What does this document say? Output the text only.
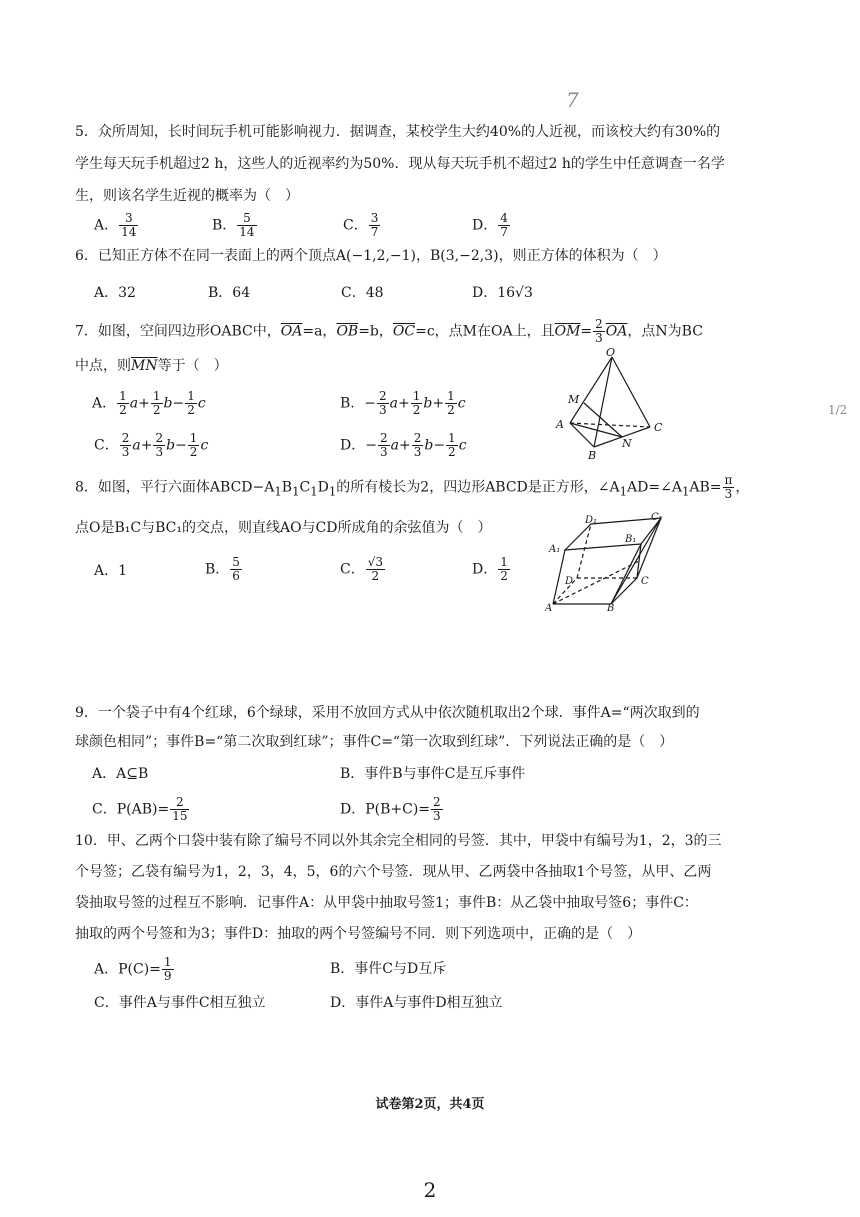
7
1/2
5．众所周知，长时间玩手机可能影响视力．据调查，某校学生大约40%的人近视，而该校大约有30%的
学生每天玩手机超过2 h，这些人的近视率约为50%．现从每天玩手机不超过2 h的学生中任意调查一名学
生，则该名学生近视的概率为（　）
A． $\frac{3}{14}$	B． $\frac{5}{14}$	C． $\frac{3}{7}$	D． $\frac{4}{7}$
6．已知正方体不在同一表面上的两个顶点A(−1,2,−1)，B(3,−2,3)，则正方体的体积为（　）
A．32	B．64	C．48	D．16√3
7．如图，空间四边形OABC中，$\overline{OA}=a$，$\overline{OB}=b$，$\overline{OC}=c$，点M在OA上，且$\overline{OM}= \frac{2}{3} \overline{OA}$，点N为BC
中点，则$\overline{MN}$等于（　）
A． $\frac{1}{2} a+ \frac{1}{2} b- \frac{1}{2}$ c	B．− $\frac{2}{3} a+ \frac{1}{2} b+ \frac{1}{2}$ c
C． $\frac{2}{3} a+ \frac{2}{3} b- \frac{1}{2}$ c	D．− $\frac{2}{3} a+ \frac{2}{3} b- \frac{1}{2}$ c
O
M
A
B
N
C
8．如图，平行六面体$ABCD-A_1B_1C_1D_1$的所有棱长为2，四边形ABCD是正方形，$\angle A_1AD=\angle A_1AB= \frac{\pi}{3}$ ，
点O是B₁C与BC₁的交点，则直线AO与CD所成角的余弦值为（　）
A．1	B． $\frac{5}{6}$	C． $\frac{√3}{2}$	D． $\frac{1}{2}$
D₁	C₁
A₁
B₁
D	C
A	B
9．一个袋子中有4个红球，6个绿球，采用不放回方式从中依次随机取出2个球．事件A=“两次取到的
球颜色相同”；事件B=“第二次取到红球”；事件C=“第一次取到红球”．下列说法正确的是（　）
A．A⊆B	B．事件B与事件C是互斥事件
C．$P(AB)= \frac{2}{15}$	D．$P(B+C)= \frac{2}{3}$
10．甲、乙两个口袋中装有除了编号不同以外其余完全相同的号签．其中，甲袋中有编号为1，2，3的三
个号签；乙袋有编号为1，2，3，4，5，6的六个号签．现从甲、乙两袋中各抽取1个号签，从甲、乙两
袋抽取号签的过程互不影响．记事件A：从甲袋中抽取号签1；事件B：从乙袋中抽取号签6；事件C：
抽取的两个号签和为3；事件D：抽取的两个号签编号不同．则下列选项中，正确的是（　）
A．$P(C)= \frac{1}{9}$	B．事件C与D互斥
C．事件A与事件C相互独立	D．事件A与事件D相互独立
试卷第2页，共4页
2
